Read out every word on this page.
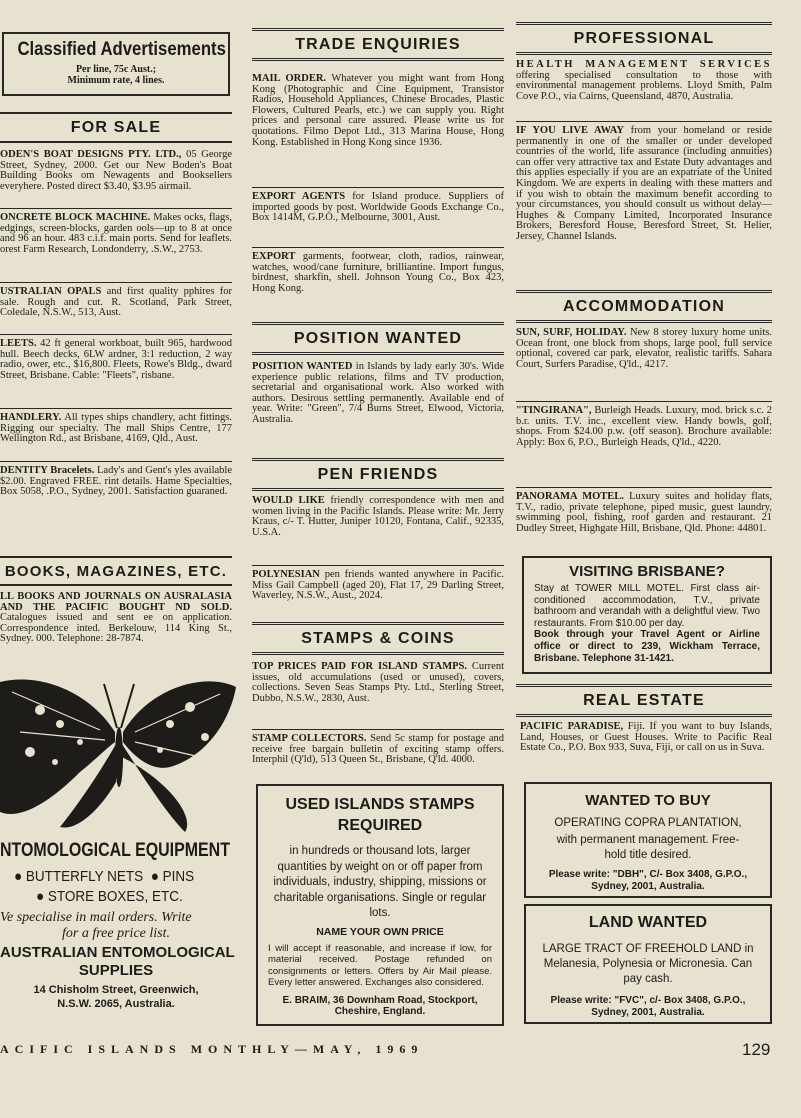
Classified Advertisements
Per line, 75c Aust.;
Minimum rate, 4 lines.
FOR SALE

ODEN'S BOAT DESIGNS PTY. LTD., 05 George Street, Sydney, 2000. Get our New Boden's Boat Building Books om Newagents and Booksellers everyhere. Posted direct $3.40, $3.95 airmail.

ONCRETE BLOCK MACHINE. Makes ocks, flags, edgings, screen-blocks, garden ools—up to 8 at once and 96 an hour. 483 c.i.f. main ports. Send for leaflets. orest Farm Research, Londonderry, .S.W., 2753.

USTRALIAN OPALS and first quality pphires for sale. Rough and cut. R. Scotland, Park Street, Coledale, N.S.W., 513, Aust.

LEETS. 42 ft general workboat, built 965, hardwood hull. Beech decks, 6LW ardner, 3:1 reduction, 2 way radio, ower, etc., $16,800. Fleets, Rowe's Bldg., dward Street, Brisbane. Cable: "Fleets", risbane.

HANDLERY. All types ships chandlery, acht fittings. Rigging our specialty. The mall Ships Centre, 177 Wellington Rd., ast Brisbane, 4169, Qld., Aust.

DENTITY Bracelets. Lady's and Gent's yles available $2.00. Engraved FREE. rint details. Hame Specialties, Box 5058, .P.O., Sydney, 2001. Satisfaction guaraned.

BOOKS, MAGAZINES, ETC.

LL BOOKS AND JOURNALS ON AUSRALASIA AND THE PACIFIC BOUGHT ND SOLD. Catalogues issued and sent ee on application. Correspondence inted. Berkelouw, 114 King St., Sydney. 000. Telephone: 28-7874.

NTOMOLOGICAL EQUIPMENT
● BUTTERFLY NETS ● PINS
● STORE BOXES, ETC.
Ve specialise in mail orders. Write
for a free price list.
AUSTRALIAN ENTOMOLOGICAL
SUPPLIES
14 Chisholm Street, Greenwich,
N.S.W. 2065, Australia.
TRADE ENQUIRIES

MAIL ORDER. Whatever you might want from Hong Kong (Photographic and Cine Equipment, Transistor Radios, Household Appliances, Chinese Brocades, Plastic Flowers, Cultured Pearls, etc.) we can supply you. Right prices and personal care assured. Please write us for quotations. Filmo Depot Ltd., 313 Marina House, Hong Kong. Established in Hong Kong since 1936.

EXPORT AGENTS for Island produce. Suppliers of imported goods by post. Worldwide Goods Exchange Co., Box 1414M, G.P.O., Melbourne, 3001, Aust.

EXPORT garments, footwear, cloth, radios, rainwear, watches, wood/cane furniture, brilliantine. Import fungus, birdnest, sharkfin, shell. Johnson Young Co., Box 423, Hong Kong.

POSITION WANTED

POSITION WANTED in Islands by lady early 30's. Wide experience public relations, films and TV production, secretarial and organisational work. Also worked with authors. Desirous settling permanently. Available end of year. Write: "Green", 7/4 Burns Street, Elwood, Victoria, Australia.

PEN FRIENDS

WOULD LIKE friendly correspondence with men and women living in the Pacific Islands. Please write: Mr. Jerry Kraus, c/- T. Hutter, Juniper 10120, Fontana, Calif., 92335, U.S.A.

POLYNESIAN pen friends wanted anywhere in Pacific. Miss Gail Campbell (aged 20), Flat 17, 29 Darling Street, Waverley, N.S.W., Aust., 2024.

STAMPS & COINS

TOP PRICES PAID FOR ISLAND STAMPS. Current issues, old accumulations (used or unused), covers, collections. Seven Seas Stamps Pty. Ltd., Sterling Street, Dubbo, N.S.W., 2830, Aust.

STAMP COLLECTORS. Send 5c stamp for postage and receive free bargain bulletin of exciting stamp offers. Interphil (Q'ld), 513 Queen St., Brisbane, Q'ld. 4000.

USED ISLANDS STAMPS REQUIRED
in hundreds or thousand lots, larger quantities by weight on or off paper from individuals, industry, shipping, missions or charitable organisations. Single or regular lots.
NAME YOUR OWN PRICE
I will accept if reasonable, and increase if low, for material received. Postage refunded on consignments or letters. Offers by Air Mail please. Every letter answered. Exchanges also considered.
E. BRAIM, 36 Downham Road, Stockport,
Cheshire, England.
PROFESSIONAL

HEALTH MANAGEMENT SERVICES offering specialised consultation to those with environmental management problems. Lloyd Smith, Palm Cove P.O., via Cairns, Queensland, 4870, Australia.

IF YOU LIVE AWAY from your homeland or reside permanently in one of the smaller or under developed countries of the world, life assurance (including annuities) can offer very attractive tax and Estate Duty advantages and this applies especially if you are an expatriate of the United Kingdom. We are experts in dealing with these matters and if you wish to obtain the maximum benefit according to your circumstances, you should consult us without delay—Hughes & Company Limited, Incorporated Insurance Brokers, Beresford House, Beresford Street, St. Helier, Jersey, Channel Islands.

ACCOMMODATION

SUN, SURF, HOLIDAY. New 8 storey luxury home units. Ocean front, one block from shops, large pool, full service optional, covered car park, elevator, realistic tariffs. Sahara Court, Surfers Paradise, Q'ld., 4217.

"TINGIRANA", Burleigh Heads. Luxury, mod. brick s.c. 2 b.r. units. T.V. inc., excellent view. Handy bowls, golf, shops. From $24.00 p.w. (off season). Brochure available: Apply: Box 6, P.O., Burleigh Heads, Q'ld., 4220.

PANORAMA MOTEL. Luxury suites and holiday flats, T.V., radio, private telephone, piped music, guest laundry, swimming pool, fishing, roof garden and restaurant. 21 Dudley Street, Highgate Hill, Brisbane, Qld. Phone: 44801.

VISITING BRISBANE?
Stay at TOWER MILL MOTEL. First class air-conditioned accommodation, T.V., private bathroom and verandah with a delightful view. Two restaurants. From $10.00 per day.
Book through your Travel Agent or Airline office or direct to 239, Wickham Terrace, Brisbane. Telephone 31-1421.
REAL ESTATE

PACIFIC PARADISE, Fiji. If you want to buy Islands, Land, Houses, or Guest Houses. Write to Pacific Real Estate Co., P.O. Box 933, Suva, Fiji, or call on us in Suva.

WANTED TO BUY
OPERATING COPRA PLANTATION,
with permanent management. Free-hold title desired.
Please write: "DBH", C/- Box 3408, G.P.O., Sydney, 2001, Australia.
LAND WANTED
LARGE TRACT OF FREEHOLD LAND in Melanesia, Polynesia or Micronesia. Can pay cash.
Please write: "FVC", c/- Box 3408, G.P.O., Sydney, 2001, Australia.
ACIFIC ISLANDS MONTHLY—MAY, 1969	129
